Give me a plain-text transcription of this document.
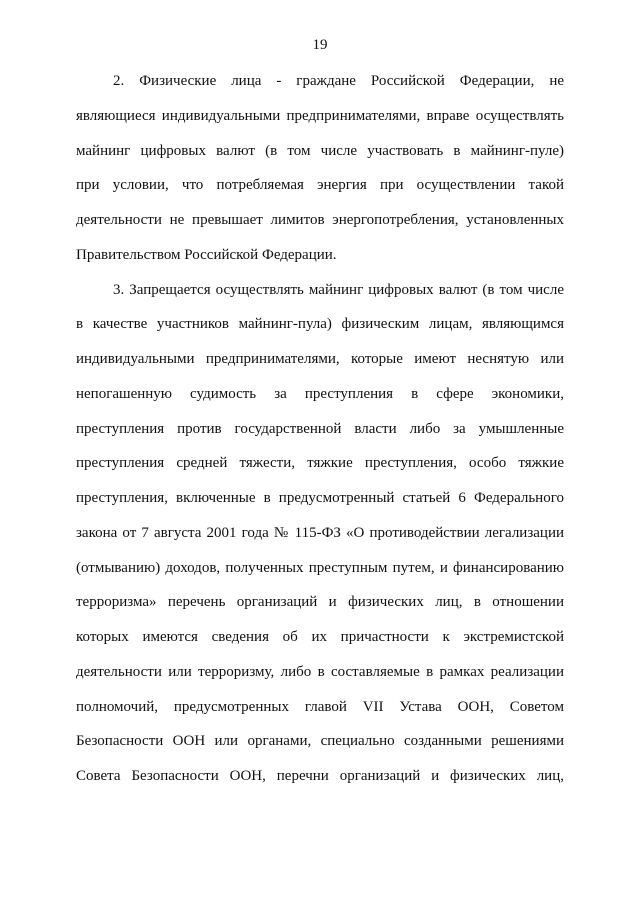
19
2. Физические лица - граждане Российской Федерации, не
являющиеся индивидуальными предпринимателями, вправе осуществлять
майнинг цифровых валют (в том числе участвовать в майнинг-пуле)
при условии, что потребляемая энергия при осуществлении такой
деятельности не превышает лимитов энергопотребления, установленных
Правительством Российской Федерации.
3. Запрещается осуществлять майнинг цифровых валют (в том числе
в качестве участников майнинг-пула) физическим лицам, являющимся
индивидуальными предпринимателями, которые имеют неснятую или
непогашенную судимость за преступления в сфере экономики,
преступления против государственной власти либо за умышленные
преступления средней тяжести, тяжкие преступления, особо тяжкие
преступления, включенные в предусмотренный статьей 6 Федерального
закона от 7 августа 2001 года № 115-ФЗ «О противодействии легализации
(отмыванию) доходов, полученных преступным путем, и финансированию
терроризма» перечень организаций и физических лиц, в отношении
которых имеются сведения об их причастности к экстремистской
деятельности или терроризму, либо в составляемые в рамках реализации
полномочий, предусмотренных главой VII Устава ООН, Советом
Безопасности ООН или органами, специально созданными решениями
Совета Безопасности ООН, перечни организаций и физических лиц,
